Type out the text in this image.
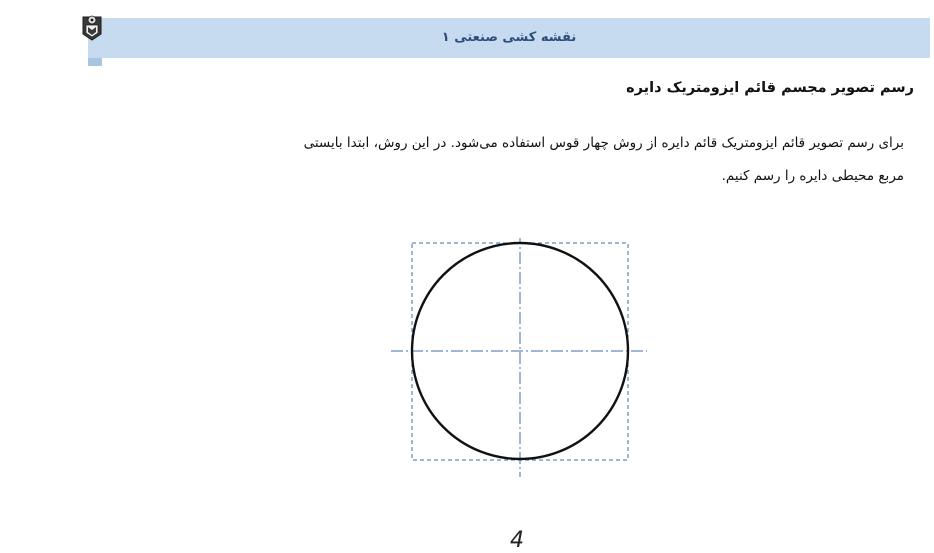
نقشه کشی صنعتی ۱
رسم تصویر مجسم قائم ایزومتریک دایره
برای رسم تصویر قائم ایزومتریک قائم دایره از روش چهار قوس استفاده می‌شود. در این روش، ابتدا بایستی
مربع محیطی دایره را رسم کنیم.
4
